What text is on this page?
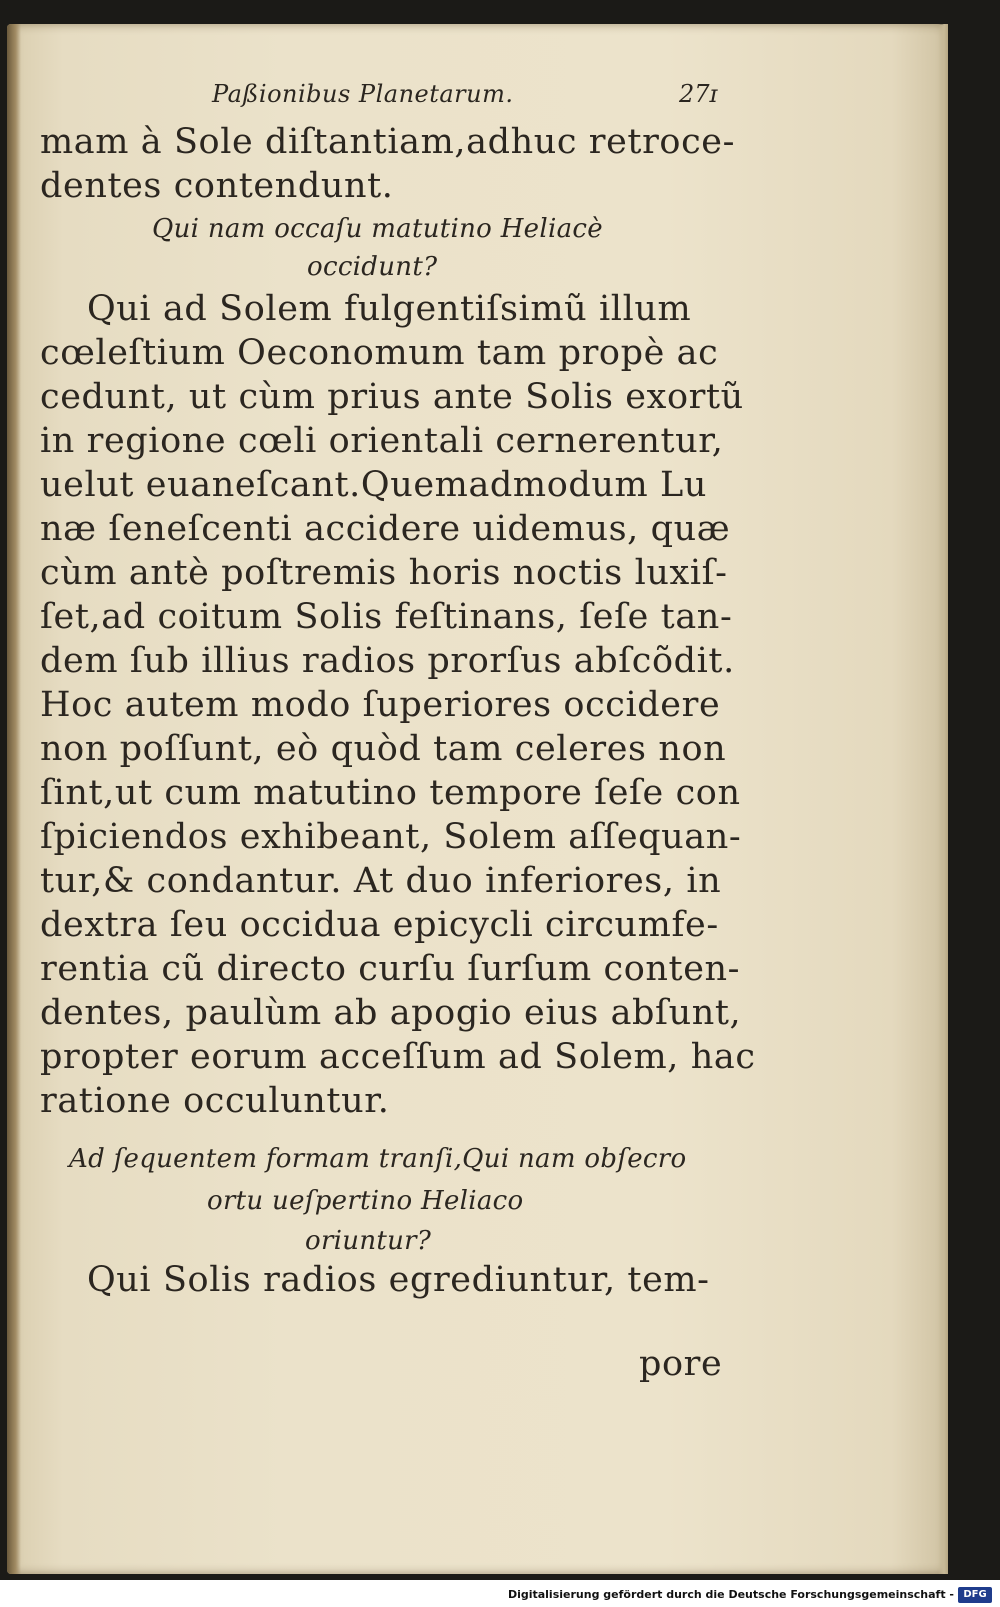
Paßionibus Planetarum.	27ɪ
mam à Sole diſtantiam,adhuc retroce-
dentes contendunt.
Qui nam occaſu matutino Heliacè
occidunt?
Qui ad Solem fulgentiſsimũ illum
cœleſtium Oeconomum tam propè ac
cedunt, ut cùm prius ante Solis exortũ
in regione cœli orientali cernerentur,
uelut euaneſcant.Quemadmodum Lu
næ ſeneſcenti accidere uidemus, quæ
cùm antè poſtremis horis noctis luxiſ-
ſet,ad coitum Solis feſtinans, ſeſe tan-
dem ſub illius radios prorſus abſcõdit.
Hoc autem modo ſuperiores occidere
non poſſunt, eò quòd tam celeres non
ſint,ut cum matutino tempore ſeſe con
ſpiciendos exhibeant, Solem aſſequan-
tur,& condantur. At duo inferiores, in
dextra ſeu occidua epicycli circumfe-
rentia cũ directo curſu ſurſum conten-
dentes, paulùm ab apogio eius abſunt,
propter eorum acceſſum ad Solem, hac
ratione occuluntur.
Ad ſequentem formam tranſi,Qui nam obſecro
ortu ueſpertino Heliaco
oriuntur?
Qui Solis radios egrediuntur, tem-
pore
Digitalisierung gefördert durch die Deutsche Forschungsgemeinschaft - DFG
